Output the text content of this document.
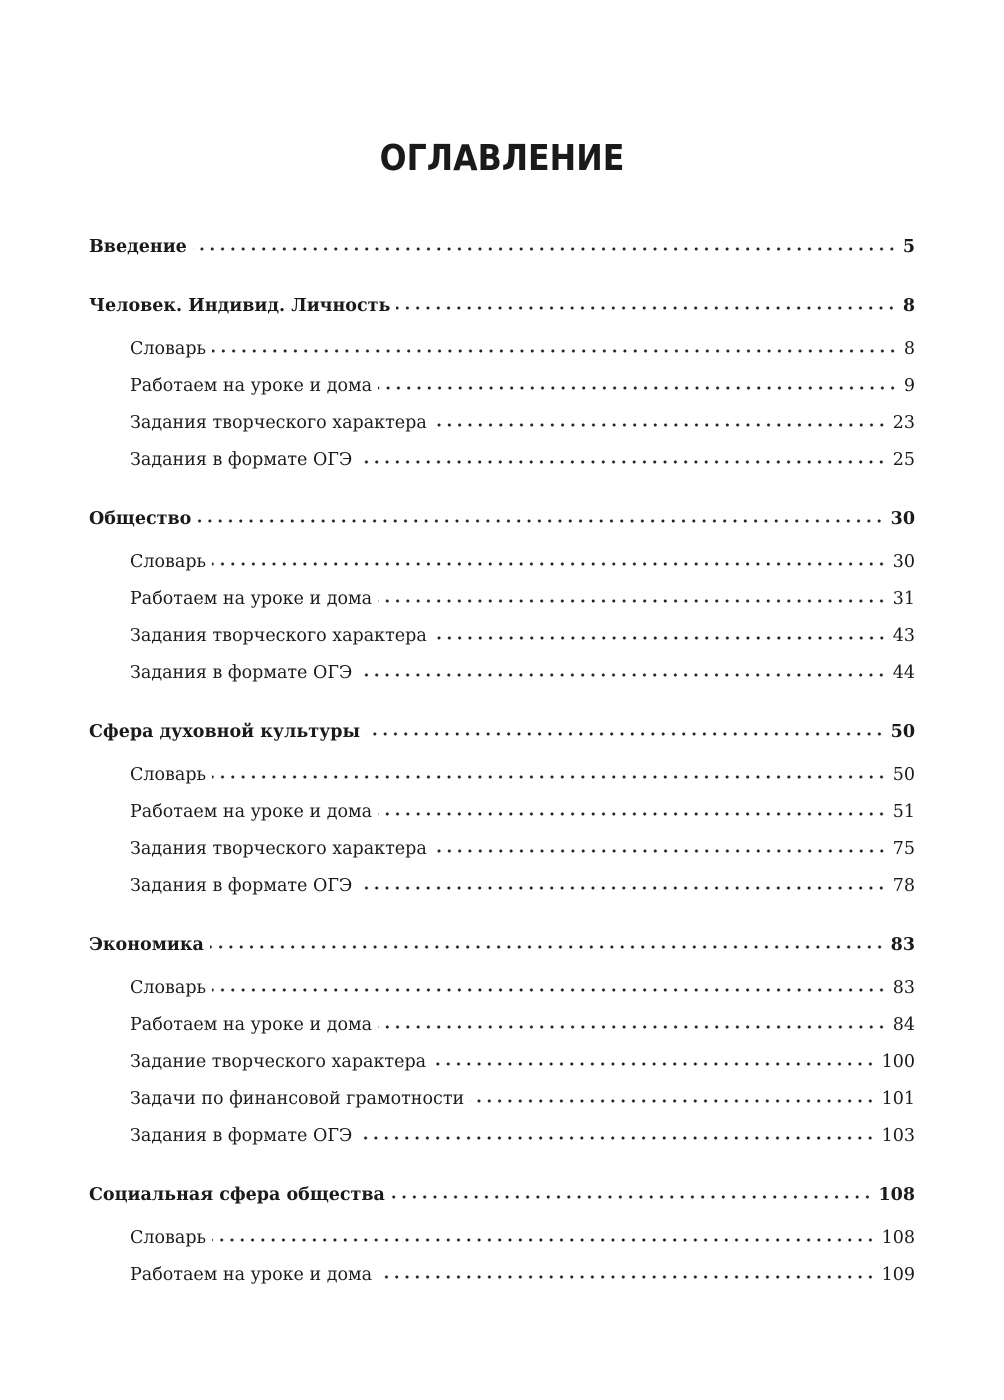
ОГЛАВЛЕНИЕ
Введение	5
Человек. Индивид. Личность	8
Словарь	8
Работаем на уроке и дома	9
Задания творческого характера	23
Задания в формате ОГЭ	25
Общество	30
Словарь	30
Работаем на уроке и дома	31
Задания творческого характера	43
Задания в формате ОГЭ	44
Сфера духовной культуры	50
Словарь	50
Работаем на уроке и дома	51
Задания творческого характера	75
Задания в формате ОГЭ	78
Экономика	83
Словарь	83
Работаем на уроке и дома	84
Задание творческого характера	100
Задачи по финансовой грамотности	101
Задания в формате ОГЭ	103
Социальная сфера общества	108
Словарь	108
Работаем на уроке и дома	109
